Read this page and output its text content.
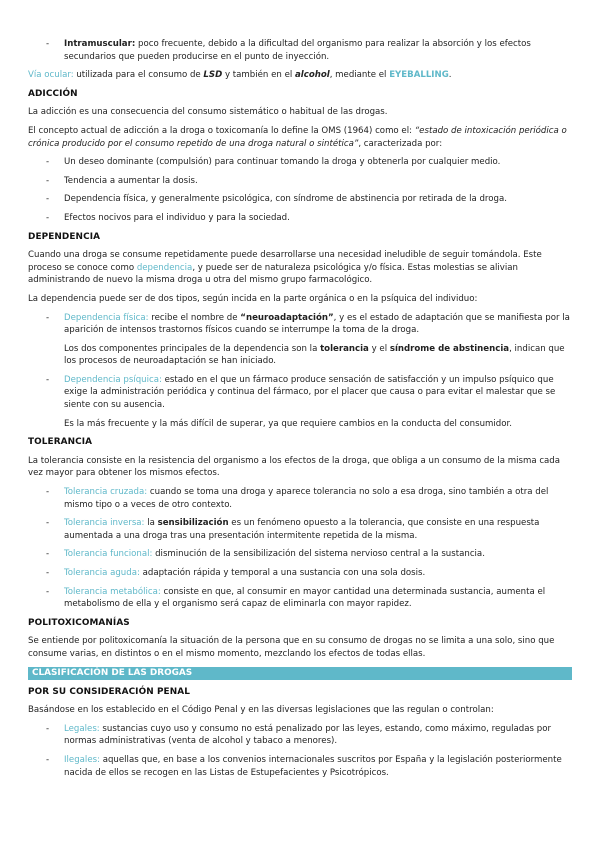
- Intramuscular: poco frecuente, debido a la dificultad del organismo para realizar la absorción y los efectos secundarios que pueden producirse en el punto de inyección.

Vía ocular: utilizada para el consumo de LSD y también en el alcohol, mediante el EYEBALLING.

ADICCIÓN

La adicción es una consecuencia del consumo sistemático o habitual de las drogas.

El concepto actual de adicción a la droga o toxicomanía lo define la OMS (1964) como el: “estado de intoxicación periódica o crónica producido por el consumo repetido de una droga natural o sintética”, caracterizada por:

- Un deseo dominante (compulsión) para continuar tomando la droga y obtenerla por cualquier medio.
- Tendencia a aumentar la dosis.
- Dependencia física, y generalmente psicológica, con síndrome de abstinencia por retirada de la droga.
- Efectos nocivos para el individuo y para la sociedad.
DEPENDENCIA

Cuando una droga se consume repetidamente puede desarrollarse una necesidad ineludible de seguir tomándola. Este proceso se conoce como dependencia, y puede ser de naturaleza psicológica y/o física. Estas molestias se alivian administrando de nuevo la misma droga u otra del mismo grupo farmacológico.

La dependencia puede ser de dos tipos, según incida en la parte orgánica o en la psíquica del individuo:

- Dependencia física: recibe el nombre de “neuroadaptación”, y es el estado de adaptación que se manifiesta por la aparición de intensos trastornos físicos cuando se interrumpe la toma de la droga.
Los dos componentes principales de la dependencia son la tolerancia y el síndrome de abstinencia, indican que los procesos de neuroadaptación se han iniciado.
- Dependencia psíquica: estado en el que un fármaco produce sensación de satisfacción y un impulso psíquico que exige la administración periódica y continua del fármaco, por el placer que causa o para evitar el malestar que se siente con su ausencia.
Es la más frecuente y la más difícil de superar, ya que requiere cambios en la conducta del consumidor.
TOLERANCIA

La tolerancia consiste en la resistencia del organismo a los efectos de la droga, que obliga a un consumo de la misma cada vez mayor para obtener los mismos efectos.

- Tolerancia cruzada: cuando se toma una droga y aparece tolerancia no solo a esa droga, sino también a otra del mismo tipo o a veces de otro contexto.
- Tolerancia inversa: la sensibilización es un fenómeno opuesto a la tolerancia, que consiste en una respuesta aumentada a una droga tras una presentación intermitente repetida de la misma.
- Tolerancia funcional: disminución de la sensibilización del sistema nervioso central a la sustancia.
- Tolerancia aguda: adaptación rápida y temporal a una sustancia con una sola dosis.
- Tolerancia metabólica: consiste en que, al consumir en mayor cantidad una determinada sustancia, aumenta el metabolismo de ella y el organismo será capaz de eliminarla con mayor rapidez.
POLITOXICOMANÍAS

Se entiende por politoxicomanía la situación de la persona que en su consumo de drogas no se limita a una solo, sino que consume varias, en distintos o en el mismo momento, mezclando los efectos de todas ellas.

CLASIFICACIÓN DE LAS DROGAS
POR SU CONSIDERACIÓN PENAL

Basándose en los establecido en el Código Penal y en las diversas legislaciones que las regulan o controlan:

- Legales: sustancias cuyo uso y consumo no está penalizado por las leyes, estando, como máximo, reguladas por normas administrativas (venta de alcohol y tabaco a menores).
- Ilegales: aquellas que, en base a los convenios internacionales suscritos por España y la legislación posteriormente nacida de ellos se recogen en las Listas de Estupefacientes y Psicotrópicos.
